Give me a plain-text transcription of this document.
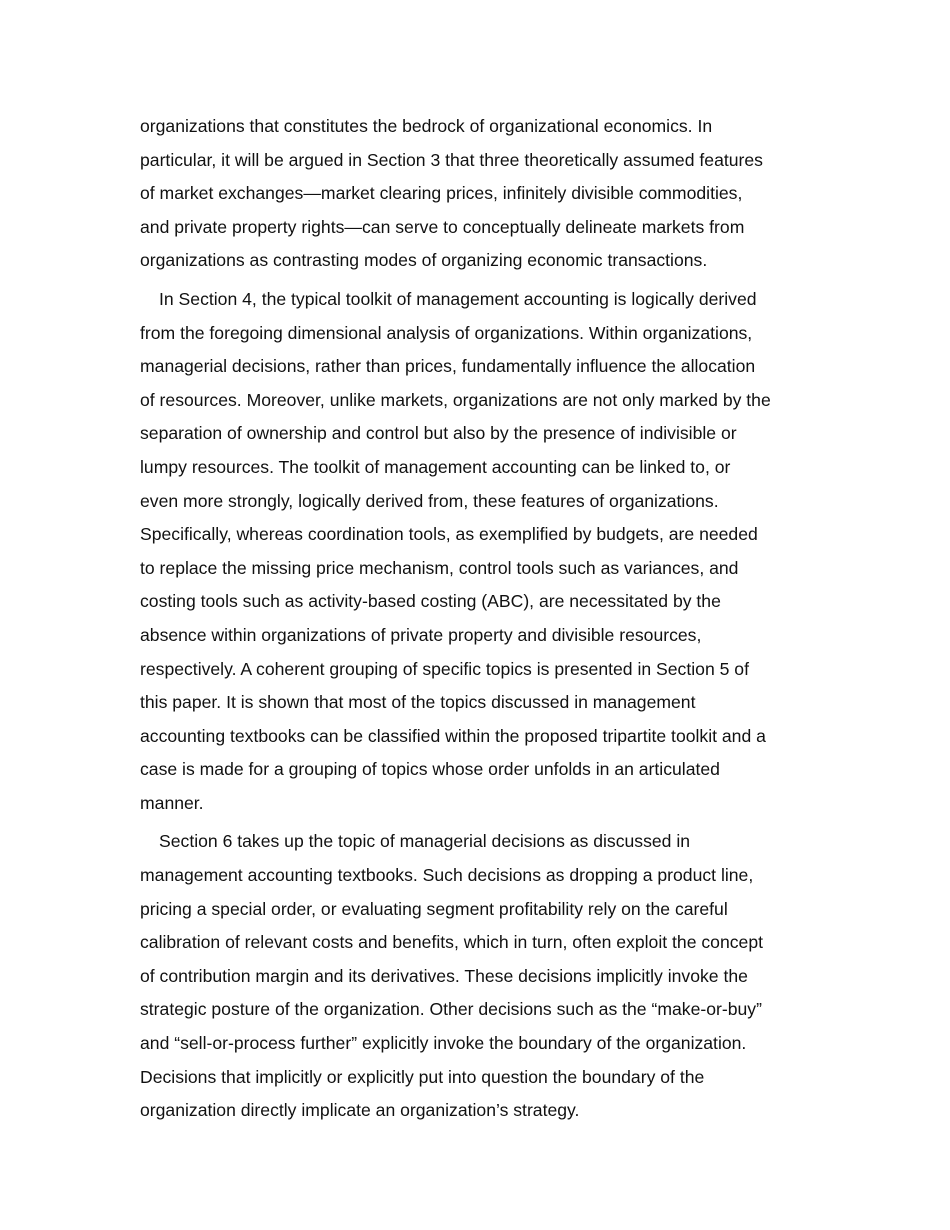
organizations that constitutes the bedrock of organizational economics. In
particular, it will be argued in Section 3 that three theoretically assumed features
of market exchanges—market clearing prices, infinitely divisible commodities,
and private property rights—can serve to conceptually delineate markets from
organizations as contrasting modes of organizing economic transactions.

In Section 4, the typical toolkit of management accounting is logically derived
from the foregoing dimensional analysis of organizations. Within organizations,
managerial decisions, rather than prices, fundamentally influence the allocation
of resources. Moreover, unlike markets, organizations are not only marked by the
separation of ownership and control but also by the presence of indivisible or
lumpy resources. The toolkit of management accounting can be linked to, or
even more strongly, logically derived from, these features of organizations.
Specifically, whereas coordination tools, as exemplified by budgets, are needed
to replace the missing price mechanism, control tools such as variances, and
costing tools such as activity-based costing (ABC), are necessitated by the
absence within organizations of private property and divisible resources,
respectively. A coherent grouping of specific topics is presented in Section 5 of
this paper. It is shown that most of the topics discussed in management
accounting textbooks can be classified within the proposed tripartite toolkit and a
case is made for a grouping of topics whose order unfolds in an articulated
manner.

Section 6 takes up the topic of managerial decisions as discussed in
management accounting textbooks. Such decisions as dropping a product line,
pricing a special order, or evaluating segment profitability rely on the careful
calibration of relevant costs and benefits, which in turn, often exploit the concept
of contribution margin and its derivatives. These decisions implicitly invoke the
strategic posture of the organization. Other decisions such as the “make-or-buy”
and “sell-or-process further” explicitly invoke the boundary of the organization.
Decisions that implicitly or explicitly put into question the boundary of the
organization directly implicate an organization’s strategy.
